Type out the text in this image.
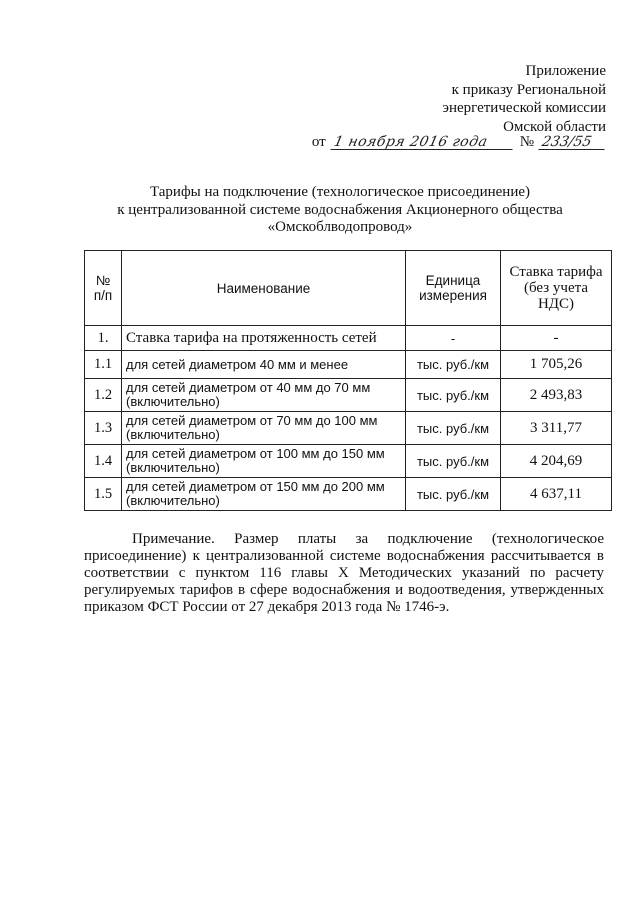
Приложение
к приказу Региональной
энергетической комиссии
Омской области
от 1 ноября 2016 года	№ 233/55
Тарифы на подключение (технологическое присоединение)
к централизованной системе водоснабжения Акционерного общества
«Омскоблводопровод»
№ п/п	Наименование	Единица измерения	Ставка тарифа (без учета НДС)
1.	Ставка тарифа на протяженность сетей	-	-
1.1	для сетей диаметром 40 мм и менее	тыс. руб./км	1 705,26
1.2	для сетей диаметром от 40 мм до 70 мм (включительно)	тыс. руб./км	2 493,83
1.3	для сетей диаметром от 70 мм до 100 мм (включительно)	тыс. руб./км	3 311,77
1.4	для сетей диаметром от 100 мм до 150 мм (включительно)	тыс. руб./км	4 204,69
1.5	для сетей диаметром от 150 мм до 200 мм (включительно)	тыс. руб./км	4 637,11

Примечание. Размер платы за подключение (технологическое присоединение) к централизованной системе водоснабжения рассчитывается в соответствии с пунктом 116 главы X Методических указаний по расчету регулируемых тарифов в сфере водоснабжения и водоотведения, утвержденных приказом ФСТ России от 27 декабря 2013 года № 1746-э.
